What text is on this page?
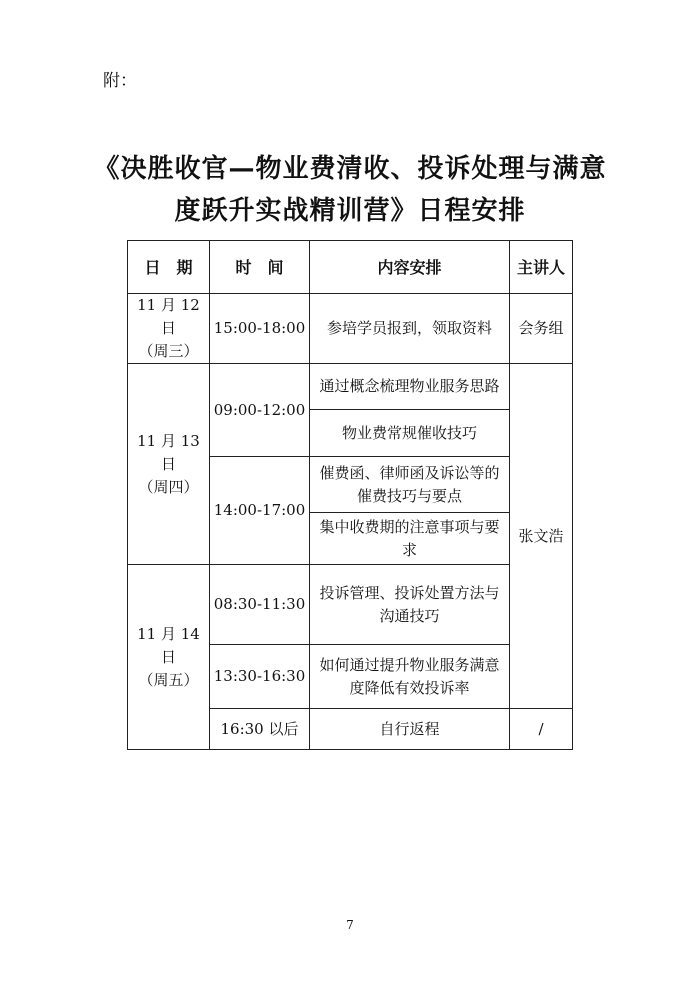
附：
《决胜收官—物业费清收、投诉处理与满意
度跃升实战精训营》日程安排
日　期	时　间	内容安排	主讲人

11 月 12 日
（周三）	15:00-18:00	参培学员报到，领取资料	会务组

11 月 13 日
（周四）	09:00-12:00	通过概念梳理物业服务思路	张文浩
		物业费常规催收技巧	
	14:00-17:00	催费函、律师函及诉讼等的催费技巧与要点	
		集中收费期的注意事项与要求	

11 月 14 日
（周五）	08:30-11:30	投诉管理、投诉处置方法与沟通技巧	
	13:30-16:30	如何通过提升物业服务满意度降低有效投诉率	
	16:30 以后	自行返程	/
7
